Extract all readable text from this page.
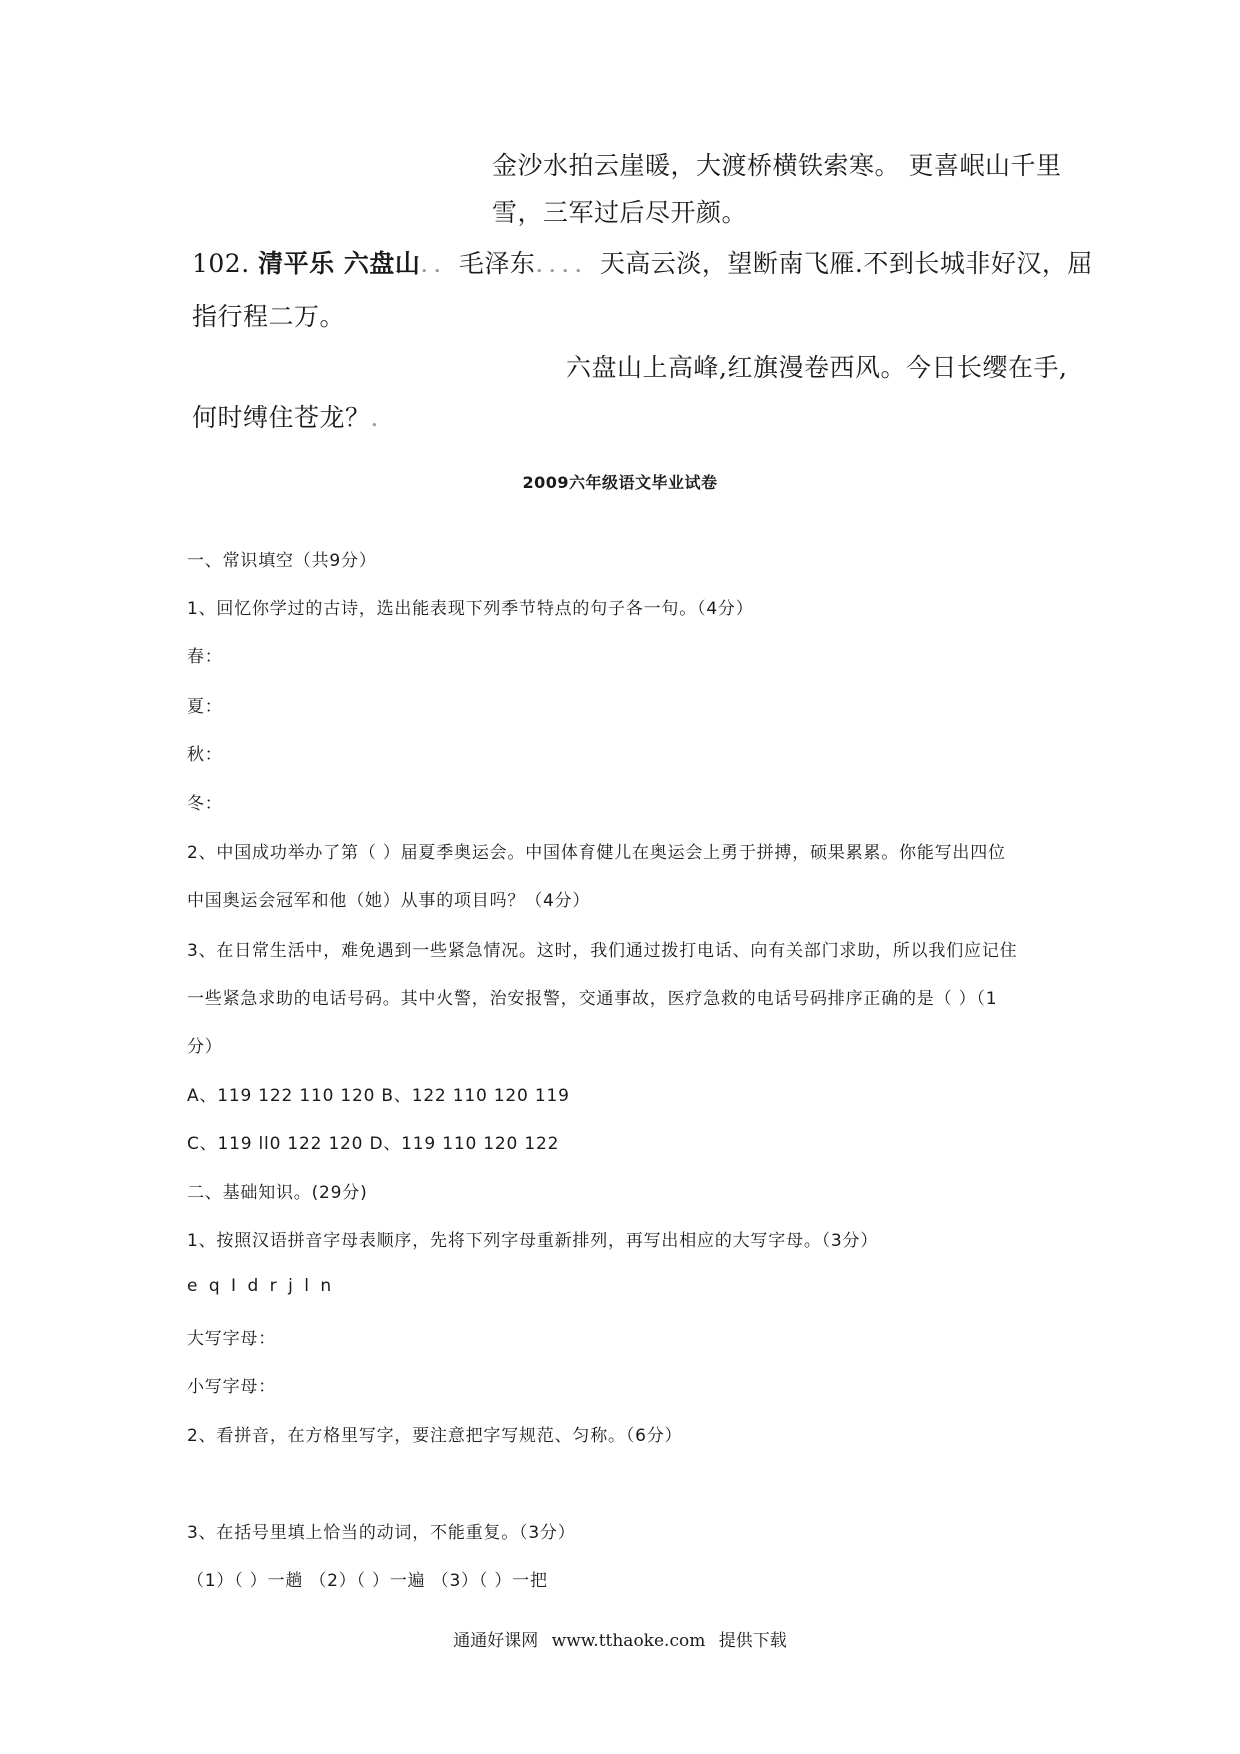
金沙水拍云崖暖，大渡桥横铁索寒。 更喜岷山千里
雪，三军过后尽开颜。
102. 清平乐 六盘山．．毛泽东．．．．天高云淡，望断南飞雁.不到长城非好汉，屈
指行程二万。
六盘山上高峰,红旗漫卷西风。今日长缨在手,
何时缚住苍龙？．
2009六年级语文毕业试卷
一、常识填空（共9分）
1、回忆你学过的古诗，选出能表现下列季节特点的句子各一句。（4分）
春：
夏：
秋：
冬：
2、中国成功举办了第（ ）届夏季奥运会。中国体育健儿在奥运会上勇于拼搏，硕果累累。你能写出四位
中国奥运会冠军和他（她）从事的项目吗？（4分）
3、在日常生活中，难免遇到一些紧急情况。这时，我们通过拨打电话、向有关部门求助，所以我们应记住
一些紧急求助的电话号码。其中火警，治安报警，交通事故，医疗急救的电话号码排序正确的是（ ）（1
分）
A、119 122 110 120 B、122 110 120 119
C、119 ll0 122 120 D、119 110 120 122
二、基础知识。(29分)
1、按照汉语拼音字母表顺序，先将下列字母重新排列，再写出相应的大写字母。（3分）
e q I d r j l n
大写字母：
小写字母：
2、看拼音，在方格里写字，要注意把字写规范、匀称。（6分）
3、在括号里填上恰当的动词，不能重复。（3分）
（1）（ ）一趟 （2）（ ）一遍 （3）（ ）一把
通通好课网 www.tthaoke.com 提供下载
